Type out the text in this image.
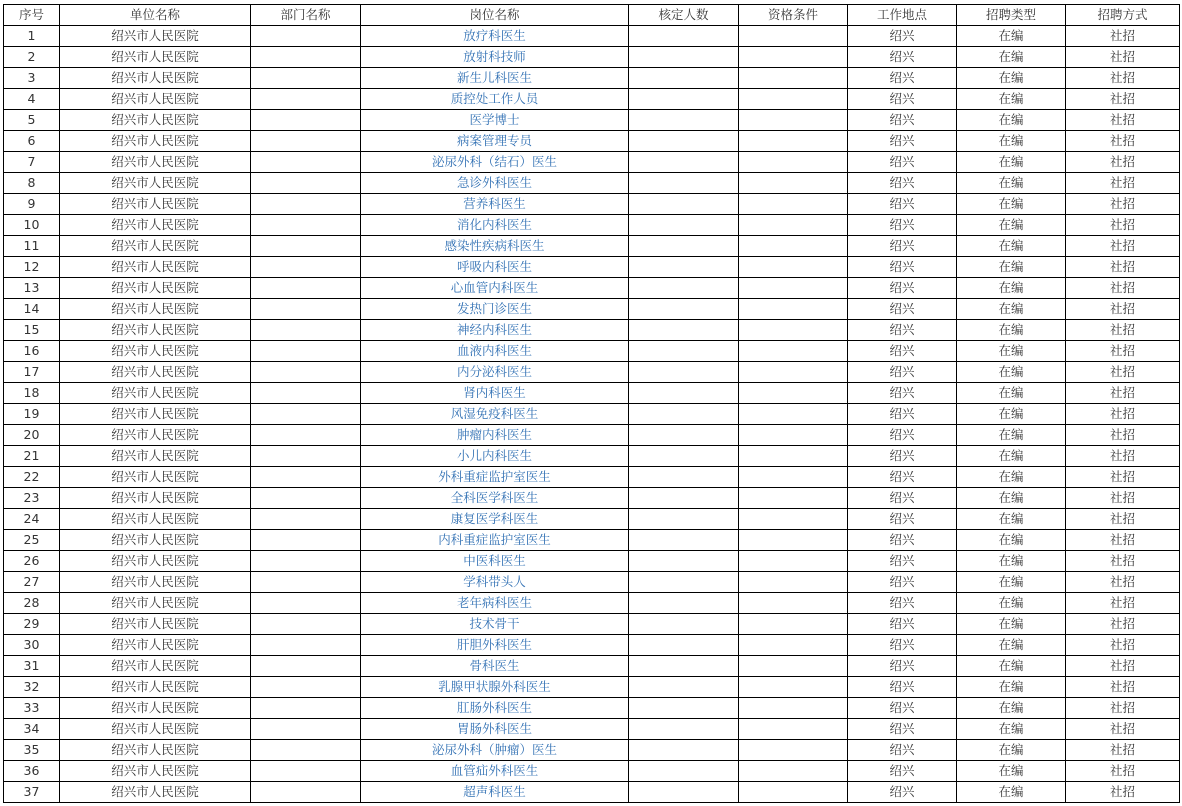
序号	单位名称	部门名称	岗位名称	核定人数	资格条件	工作地点	招聘类型	招聘方式
1	绍兴市人民医院		放疗科医生			绍兴	在编	社招
2	绍兴市人民医院		放射科技师			绍兴	在编	社招
3	绍兴市人民医院		新生儿科医生			绍兴	在编	社招
4	绍兴市人民医院		质控处工作人员			绍兴	在编	社招
5	绍兴市人民医院		医学博士			绍兴	在编	社招
6	绍兴市人民医院		病案管理专员			绍兴	在编	社招
7	绍兴市人民医院		泌尿外科（结石）医生			绍兴	在编	社招
8	绍兴市人民医院		急诊外科医生			绍兴	在编	社招
9	绍兴市人民医院		营养科医生			绍兴	在编	社招
10	绍兴市人民医院		消化内科医生			绍兴	在编	社招
11	绍兴市人民医院		感染性疾病科医生			绍兴	在编	社招
12	绍兴市人民医院		呼吸内科医生			绍兴	在编	社招
13	绍兴市人民医院		心血管内科医生			绍兴	在编	社招
14	绍兴市人民医院		发热门诊医生			绍兴	在编	社招
15	绍兴市人民医院		神经内科医生			绍兴	在编	社招
16	绍兴市人民医院		血液内科医生			绍兴	在编	社招
17	绍兴市人民医院		内分泌科医生			绍兴	在编	社招
18	绍兴市人民医院		肾内科医生			绍兴	在编	社招
19	绍兴市人民医院		风湿免疫科医生			绍兴	在编	社招
20	绍兴市人民医院		肿瘤内科医生			绍兴	在编	社招
21	绍兴市人民医院		小儿内科医生			绍兴	在编	社招
22	绍兴市人民医院		外科重症监护室医生			绍兴	在编	社招
23	绍兴市人民医院		全科医学科医生			绍兴	在编	社招
24	绍兴市人民医院		康复医学科医生			绍兴	在编	社招
25	绍兴市人民医院		内科重症监护室医生			绍兴	在编	社招
26	绍兴市人民医院		中医科医生			绍兴	在编	社招
27	绍兴市人民医院		学科带头人			绍兴	在编	社招
28	绍兴市人民医院		老年病科医生			绍兴	在编	社招
29	绍兴市人民医院		技术骨干			绍兴	在编	社招
30	绍兴市人民医院		肝胆外科医生			绍兴	在编	社招
31	绍兴市人民医院		骨科医生			绍兴	在编	社招
32	绍兴市人民医院		乳腺甲状腺外科医生			绍兴	在编	社招
33	绍兴市人民医院		肛肠外科医生			绍兴	在编	社招
34	绍兴市人民医院		胃肠外科医生			绍兴	在编	社招
35	绍兴市人民医院		泌尿外科（肿瘤）医生			绍兴	在编	社招
36	绍兴市人民医院		血管疝外科医生			绍兴	在编	社招
37	绍兴市人民医院		超声科医生			绍兴	在编	社招
